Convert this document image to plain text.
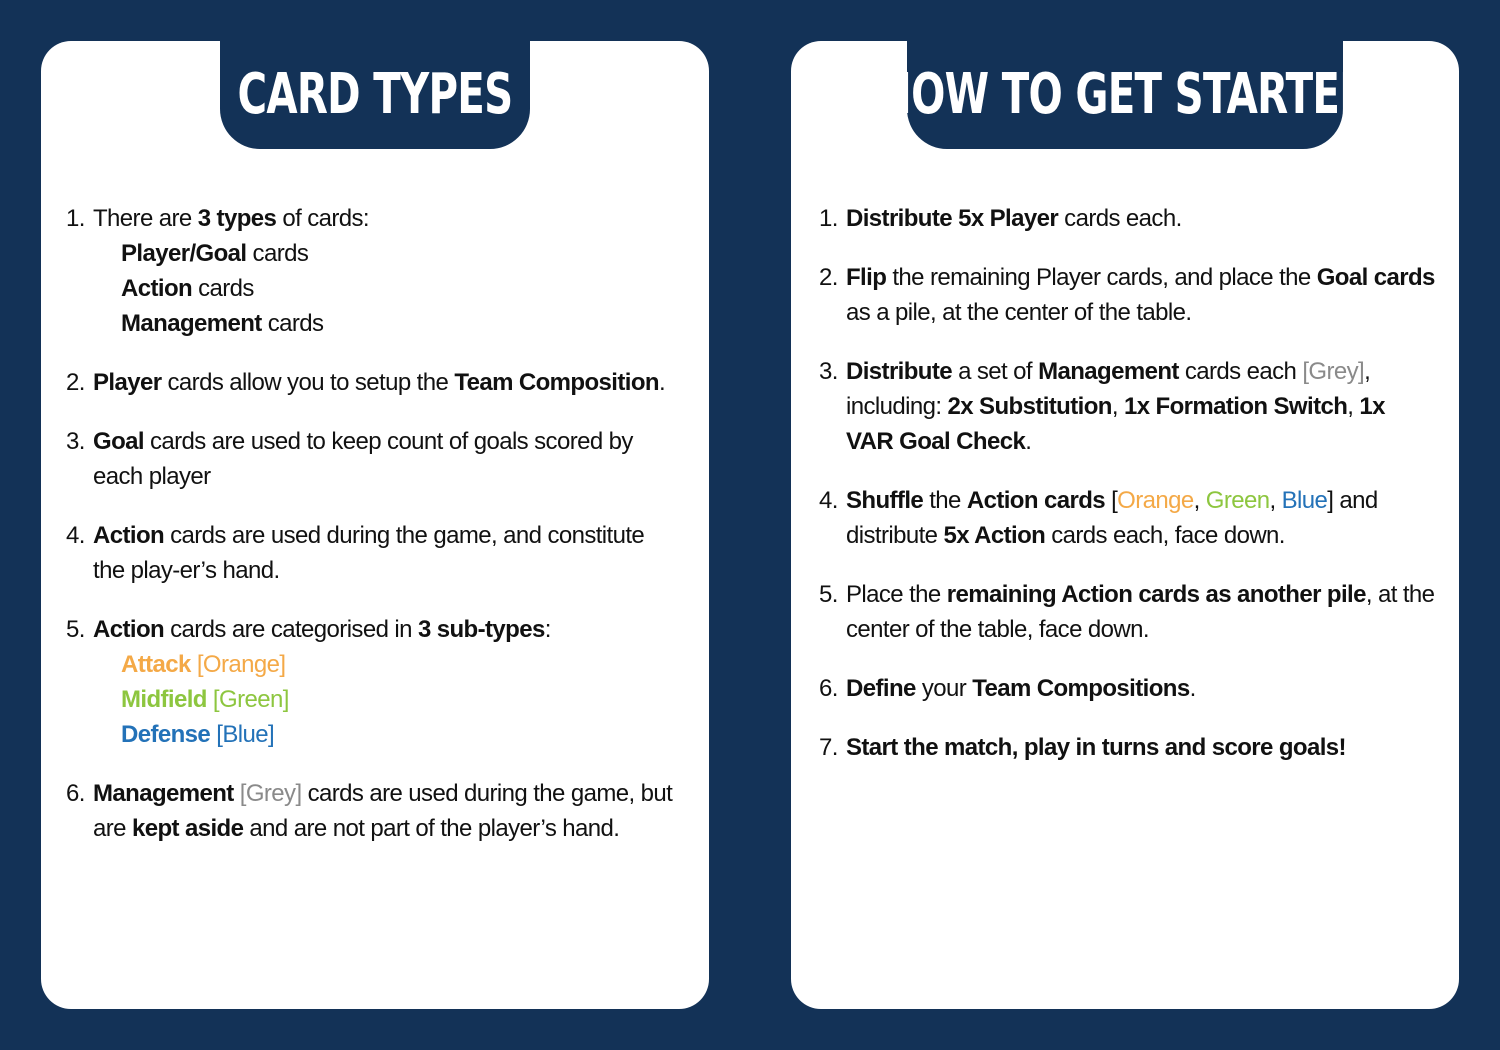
CARD TYPES
1. There are 3 types of cards:
Player/Goal cards
Action cards
Management cards
2. Player cards allow you to setup the Team Composition.
3. Goal cards are used to keep count of goals scored by each player
4. Action cards are used during the game, and constitute the play-er’s hand.
5. Action cards are categorised in 3 sub-types:
Attack [Orange]
Midfield [Green]
Defense [Blue]
6. Management [Grey] cards are used during the game, but are kept aside and are not part of the player’s hand.
HOW TO GET STARTED
1. Distribute 5x Player cards each.
2. Flip the remaining Player cards, and place the Goal cards as a pile, at the center of the table.
3. Distribute a set of Management cards each [Grey], including: 2x Substitution, 1x Formation Switch, 1x VAR Goal Check.
4. Shuffle the Action cards [Orange, Green, Blue] and distribute 5x Action cards each, face down.
5. Place the remaining Action cards as another pile, at the center of the table, face down.
6. Define your Team Compositions.
7. Start the match, play in turns and score goals!
